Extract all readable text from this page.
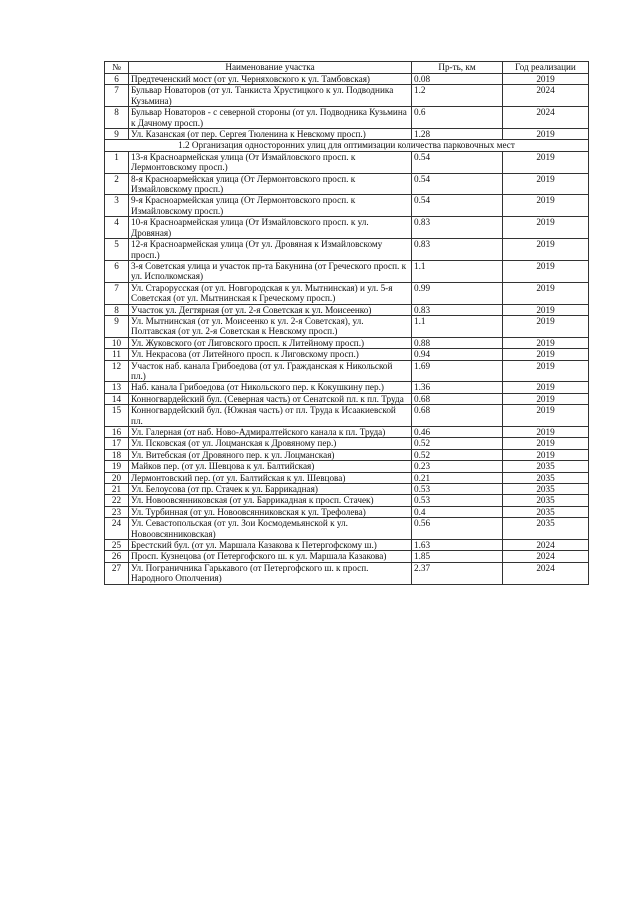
№	Наименование участка	Пр-ть, км	Год реализации
6	Предтеченский мост (от ул. Черняховского к ул. Тамбовская)	0.08	2019
7	Бульвар Новаторов (от ул. Танкиста Хрустицкого к ул. Подводника Кузьмина)	1.2	2024
8	Бульвар Новаторов - с северной стороны (от ул. Подводника Кузьмина к Дачному просп.)	0.6	2024
9	Ул. Казанская (от пер. Сергея Тюленина к Невскому просп.)	1.28	2019
1.2 Организация односторонних улиц для оптимизации количества парковочных мест			
1	13-я Красноармейская улица (От Измайловского просп. к Лермонтовскому просп.)	0.54	2019
2	8-я Красноармейская улица (От Лермонтовского просп. к Измайловскому просп.)	0.54	2019
3	9-я Красноармейская улица (От Лермонтовского просп. к Измайловскому просп.)	0.54	2019
4	10-я Красноармейская улица (От Измайловского просп. к ул. Дровяная)	0.83	2019
5	12-я Красноармейская улица (От ул. Дровяная к Измайловскому просп.)	0.83	2019
6	3-я Советская улица и участок пр-та Бакунина (от Греческого просп. к ул. Исполкомская)	1.1	2019
7	Ул. Старорусская (от ул. Новгородская к ул. Мытнинская) и ул. 5-я Советская (от ул. Мытнинская к Греческому просп.)	0.99	2019
8	Участок ул. Дегтярная (от ул. 2-я Советская к ул. Моисеенко)	0.83	2019
9	Ул. Мытнинская (от ул. Моисеенко к ул. 2-я Советская), ул. Полтавская (от ул. 2-я Советская к Невскому просп.)	1.1	2019
10	Ул. Жуковского (от Лиговского просп. к Литейному просп.)	0.88	2019
11	Ул. Некрасова (от Литейного просп. к Лиговскому просп.)	0.94	2019
12	Участок наб. канала Грибоедова (от ул. Гражданская к Никольской пл.)	1.69	2019
13	Наб. канала Грибоедова (от Никольского пер. к Кокушкину пер.)	1.36	2019
14	Конногвардейский бул. (Северная часть) от Сенатской пл. к пл. Труда	0.68	2019
15	Конногвардейский бул. (Южная часть) от пл. Труда к Исаакиевской пл.	0.68	2019
16	Ул. Галерная (от наб. Ново-Адмиралтейского канала к пл. Труда)	0.46	2019
17	Ул. Псковская (от ул. Лоцманская к Дровяному пер.)	0.52	2019
18	Ул. Витебская (от Дровяного пер. к ул. Лоцманская)	0.52	2019
19	Майков пер. (от ул. Шевцова к ул. Балтийская)	0.23	2035
20	Лермонтовский пер. (от ул. Балтийская к ул. Шевцова)	0.21	2035
21	Ул. Белоусова (от пр. Стачек к ул. Баррикадная)	0.53	2035
22	Ул. Новоовсянниковская (от ул. Баррикадная к просп. Стачек)	0.53	2035
23	Ул. Турбинная (от ул. Новоовсянниковская к ул. Трефолева)	0.4	2035
24	Ул. Севастопольская (от ул. Зои Космодемьянской к ул. Новоовсянниковская)	0.56	2035
25	Брестский бул. (от ул. Маршала Казакова к Петергофскому ш.)	1.63	2024
26	Просп. Кузнецова (от Петергофского ш. к ул. Маршала Казакова)	1.85	2024
27	Ул. Пограничника Гарькавого (от Петергофского ш. к просп. Народного Ополчения)	2.37	2024
